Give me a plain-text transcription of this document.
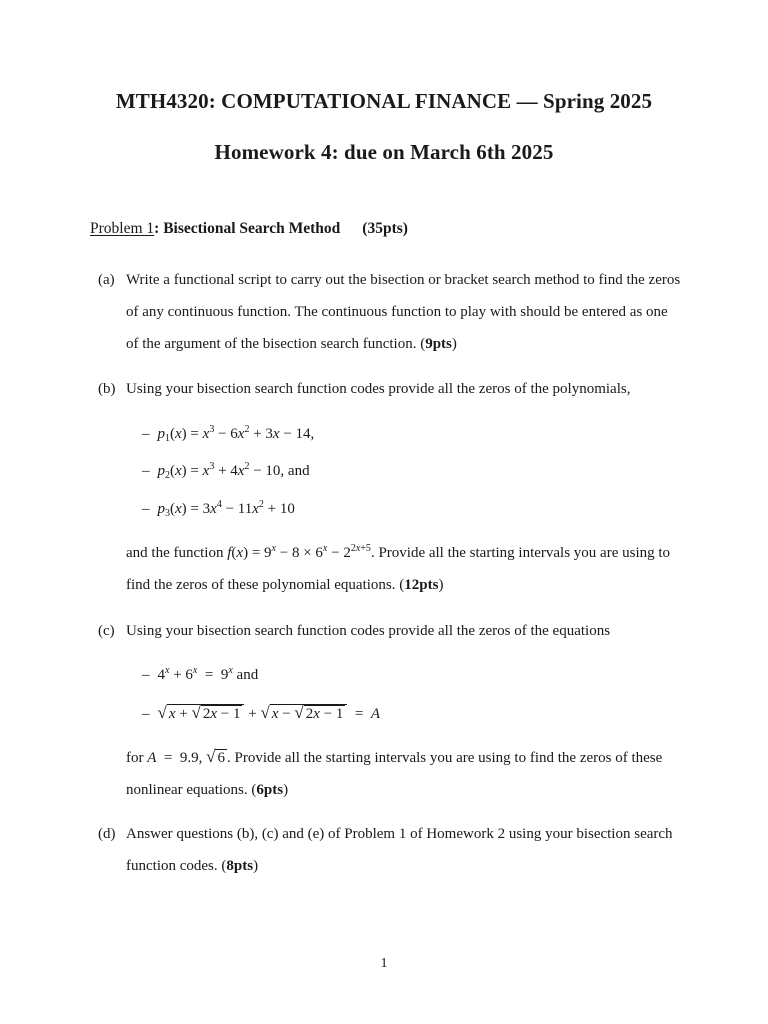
MTH4320: COMPUTATIONAL FINANCE — Spring 2025
Homework 4: due on March 6th 2025
Problem 1: Bisectional Search Method (35pts)
(a) Write a functional script to carry out the bisection or bracket search method to find the zeros of any continuous function. The continuous function to play with should be entered as one of the argument of the bisection search function. (9pts)
(b) Using your bisection search function codes provide all the zeros of the polynomials,
– $p_1(x) = x^3 - 6x^2 + 3x - 14$,
– $p_2(x) = x^3 + 4x^2 - 10$, and
– $p_3(x) = 3x^4 - 11x^2 + 10$
and the function $f(x) = 9^x - 8 \times 6^x - 2^{2x+5}$. Provide all the starting intervals you are using to find the zeros of these polynomial equations. (12pts)
(c) Using your bisection search function codes provide all the zeros of the equations
– $4^x + 6^x = 9^x$ and
– √ x + √ 2x − 1 + √ x − √ 2x − 1  =  A
for A  =  9.9, √ 6 . Provide all the starting intervals you are using to find the zeros of these nonlinear equations. (6pts)
(d) Answer questions (b), (c) and (e) of Problem 1 of Homework 2 using your bisection search function codes. (8pts)
1
